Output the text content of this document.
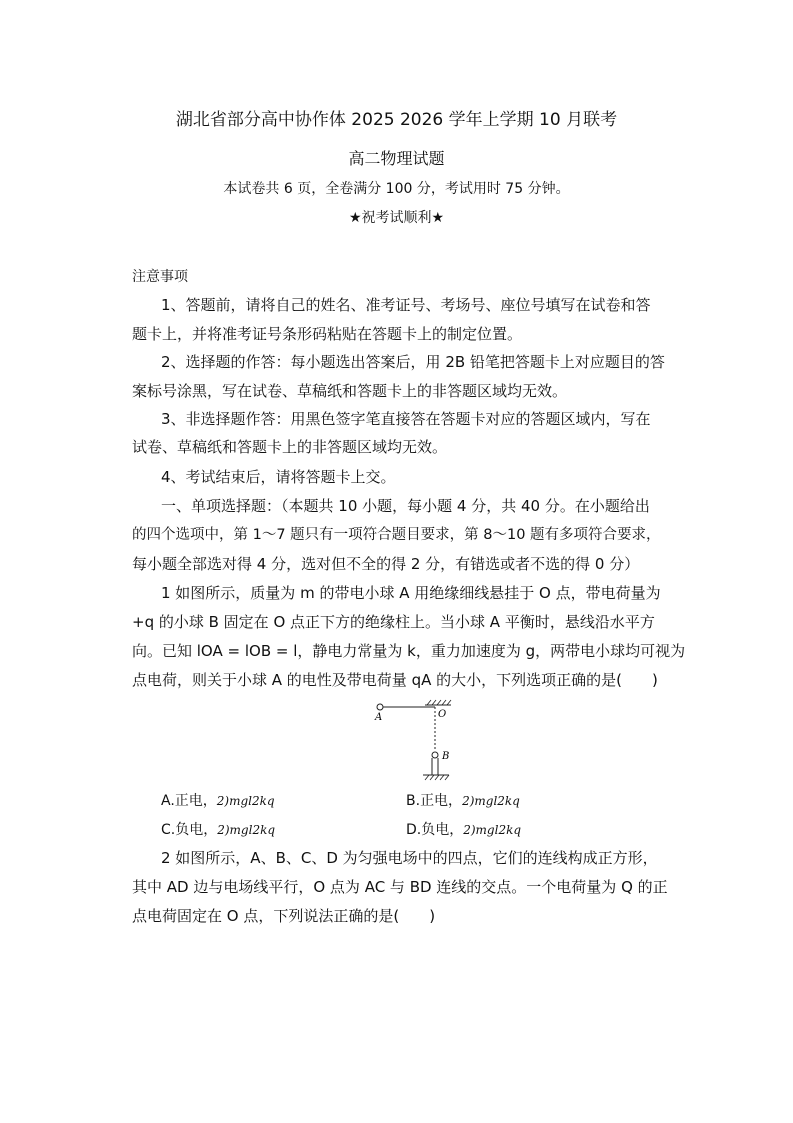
湖北省部分高中协作体 2025 2026 学年上学期 10 月联考
高二物理试题
本试卷共 6 页，全卷满分 100 分，考试用时 75 分钟。
★祝考试顺利★
注意事项
1、答题前，请将自己的姓名、准考证号、考场号、座位号填写在试卷和答
题卡上，并将准考证号条形码粘贴在答题卡上的制定位置。
2、选择题的作答：每小题选出答案后，用 2B 铅笔把答题卡上对应题目的答
案标号涂黑，写在试卷、草稿纸和答题卡上的非答题区域均无效。
3、非选择题作答：用黑色签字笔直接答在答题卡对应的答题区域内，写在
试卷、草稿纸和答题卡上的非答题区域均无效。
4、考试结束后，请将答题卡上交。
一、单项选择题：（本题共 10 小题，每小题 4 分，共 40 分。在小题给出
的四个选项中，第 1～7 题只有一项符合题目要求，第 8～10 题有多项符合要求，
每小题全部选对得 4 分，选对但不全的得 2 分，有错选或者不选的得 0 分）
1 如图所示，质量为 m 的带电小球 A 用绝缘细线悬挂于 O 点，带电荷量为
+q 的小球 B 固定在 O 点正下方的绝缘柱上。当小球 A 平衡时，悬线沿水平方
向。已知 lOA = lOB = l，静电力常量为 k，重力加速度为 g，两带电小球均可视为
点电荷，则关于小球 A 的电性及带电荷量 qA 的大小，下列选项正确的是(　　)
A	O
B
A.正电，2)mgl2kq	B.正电，2)mgl2kq
C.负电，2)mgl2kq	D.负电，2)mgl2kq
2 如图所示，A、B、C、D 为匀强电场中的四点，它们的连线构成正方形，
其中 AD 边与电场线平行，O 点为 AC 与 BD 连线的交点。一个电荷量为 Q 的正
点电荷固定在 O 点，下列说法正确的是(　　)
